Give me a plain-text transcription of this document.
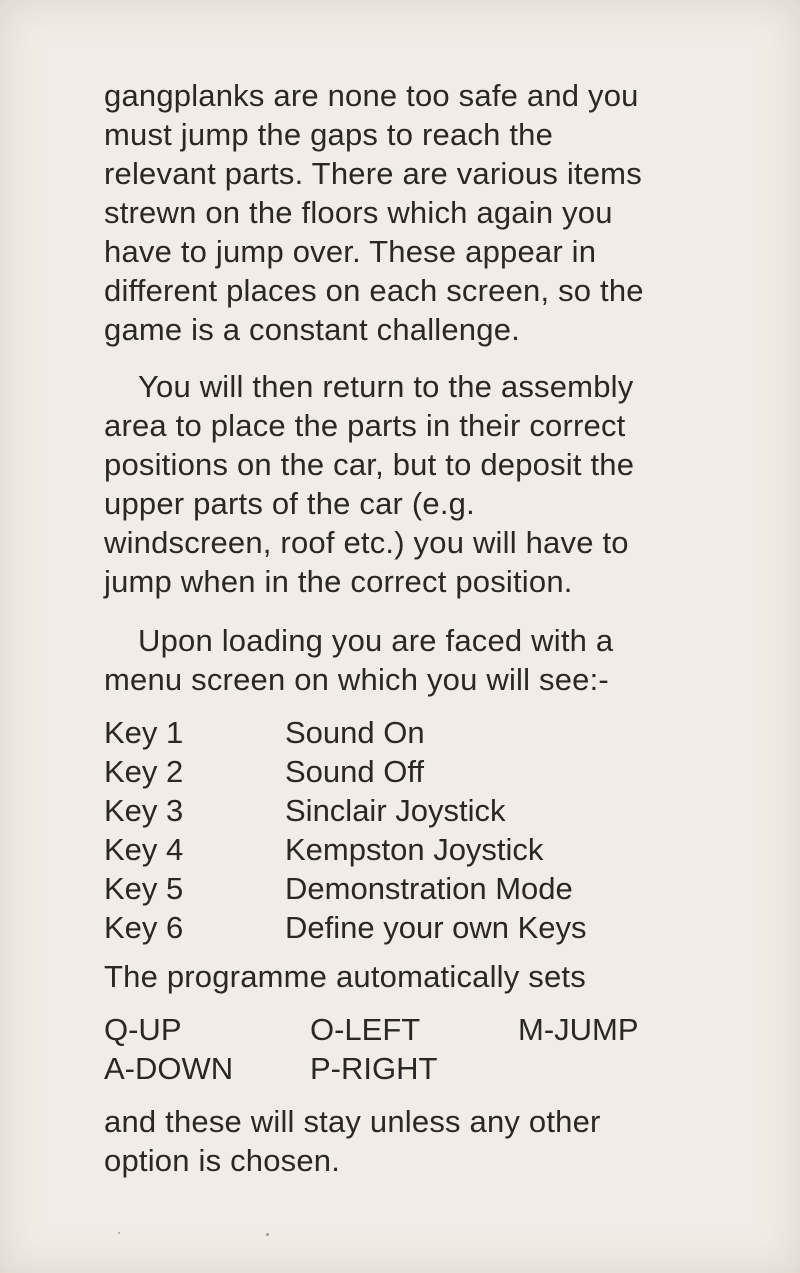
gangplanks are none too safe and you
must jump the gaps to reach the
relevant parts. There are various items
strewn on the floors which again you
have to jump over. These appear in
different places on each screen, so the
game is a constant challenge.

You will then return to the assembly
area to place the parts in their correct
positions on the car, but to deposit the
upper parts of the car (e.g.
windscreen, roof etc.) you will have to
jump when in the correct position.

Upon loading you are faced with a
menu screen on which you will see:-

Key 1	Sound On
Key 2	Sound Off
Key 3	Sinclair Joystick
Key 4	Kempston Joystick
Key 5	Demonstration Mode
Key 6	Define your own Keys

The programme automatically sets

Q-UP	O-LEFT	M-JUMP
A-DOWN	P-RIGHT

and these will stay unless any other
option is chosen.
